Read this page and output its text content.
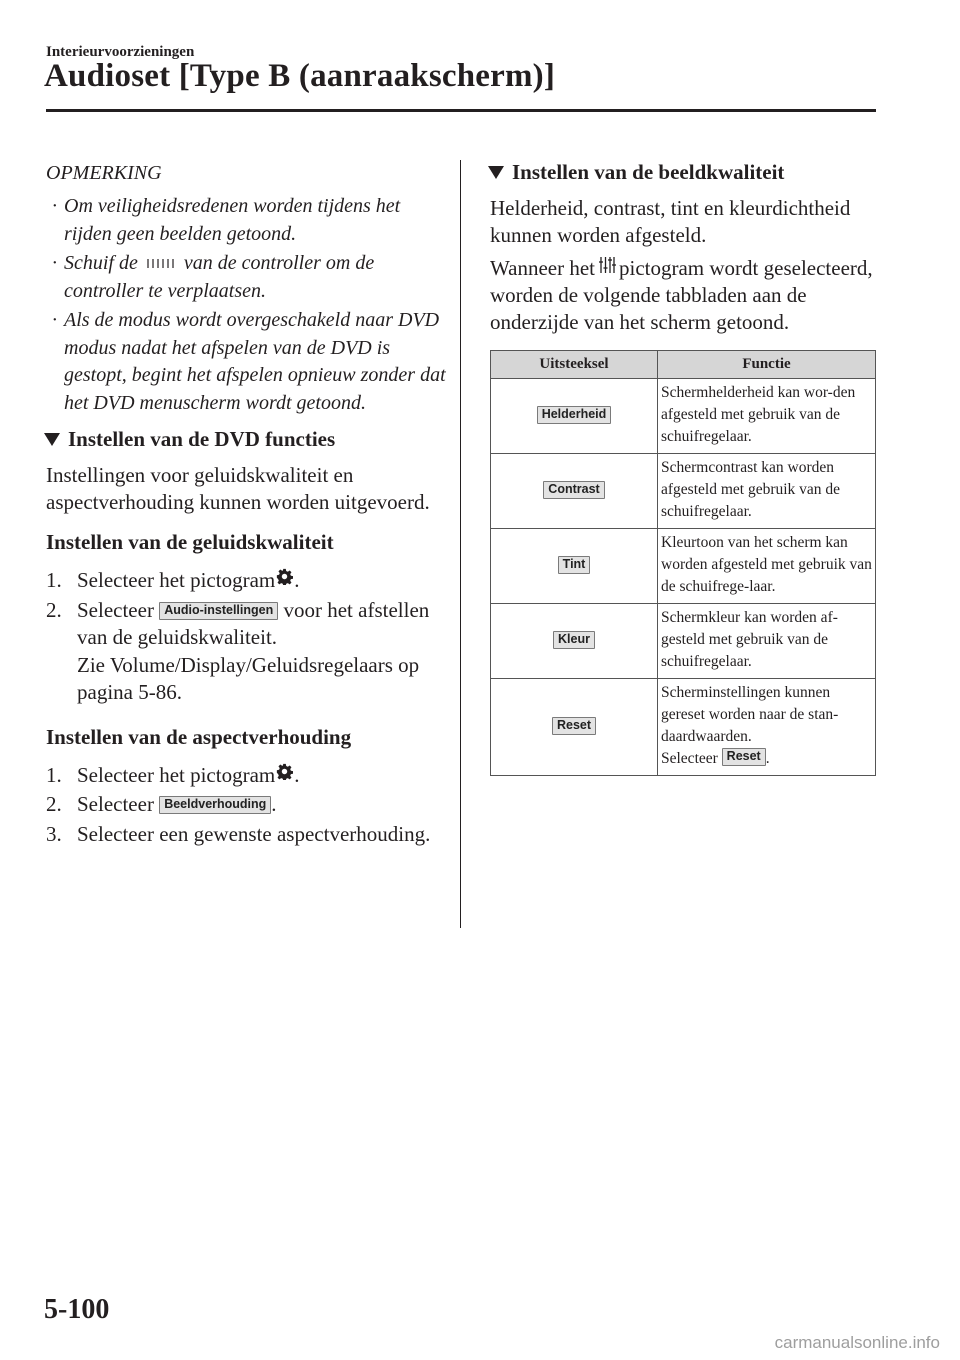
Interieurvoorzieningen
Audioset [Type B (aanraakscherm)]
OPMERKING
· Om veiligheidsredenen worden tijdens het rijden geen beelden getoond.
· Schuif de van de controller om de controller te verplaatsen.
· Als de modus wordt overgeschakeld naar DVD modus nadat het afspelen van de DVD is gestopt, begint het afspelen opnieuw zonder dat het DVD menuscherm wordt getoond.
Instellen van de DVD functies

Instellingen voor geluidskwaliteit en aspectverhouding kunnen worden uitgevoerd.

Instellen van de geluidskwaliteit
1. Selecteer het pictogram .
2. Selecteer Audio-instellingen voor het afstellen van de geluidskwaliteit.
Zie Volume/Display/Geluidsregelaars op pagina 5-86.
Instellen van de aspectverhouding
1. Selecteer het pictogram .
2. Selecteer Beeldverhouding .
3. Selecteer een gewenste aspectverhouding.
Instellen van de beeldkwaliteit

Helderheid, contrast, tint en kleurdichtheid kunnen worden afgesteld.

Wanneer het pictogram wordt geselecteerd, worden de volgende tabbladen aan de onderzijde van het scherm getoond.

Uitsteeksel	Functie
Helderheid	Schermhelderheid kan wor-den afgesteld met gebruik van de schuifregelaar.
Contrast	Schermcontrast kan worden afgesteld met gebruik van de schuifregelaar.
Tint	Kleurtoon van het scherm kan worden afgesteld met gebruik van de schuifrege-laar.
Kleur	Schermkleur kan worden af-gesteld met gebruik van de schuifregelaar.
Reset	Scherminstellingen kunnen gereset worden naar de stan-daardwaarden.
Selecteer Reset .
5-100
carmanualsonline.info
